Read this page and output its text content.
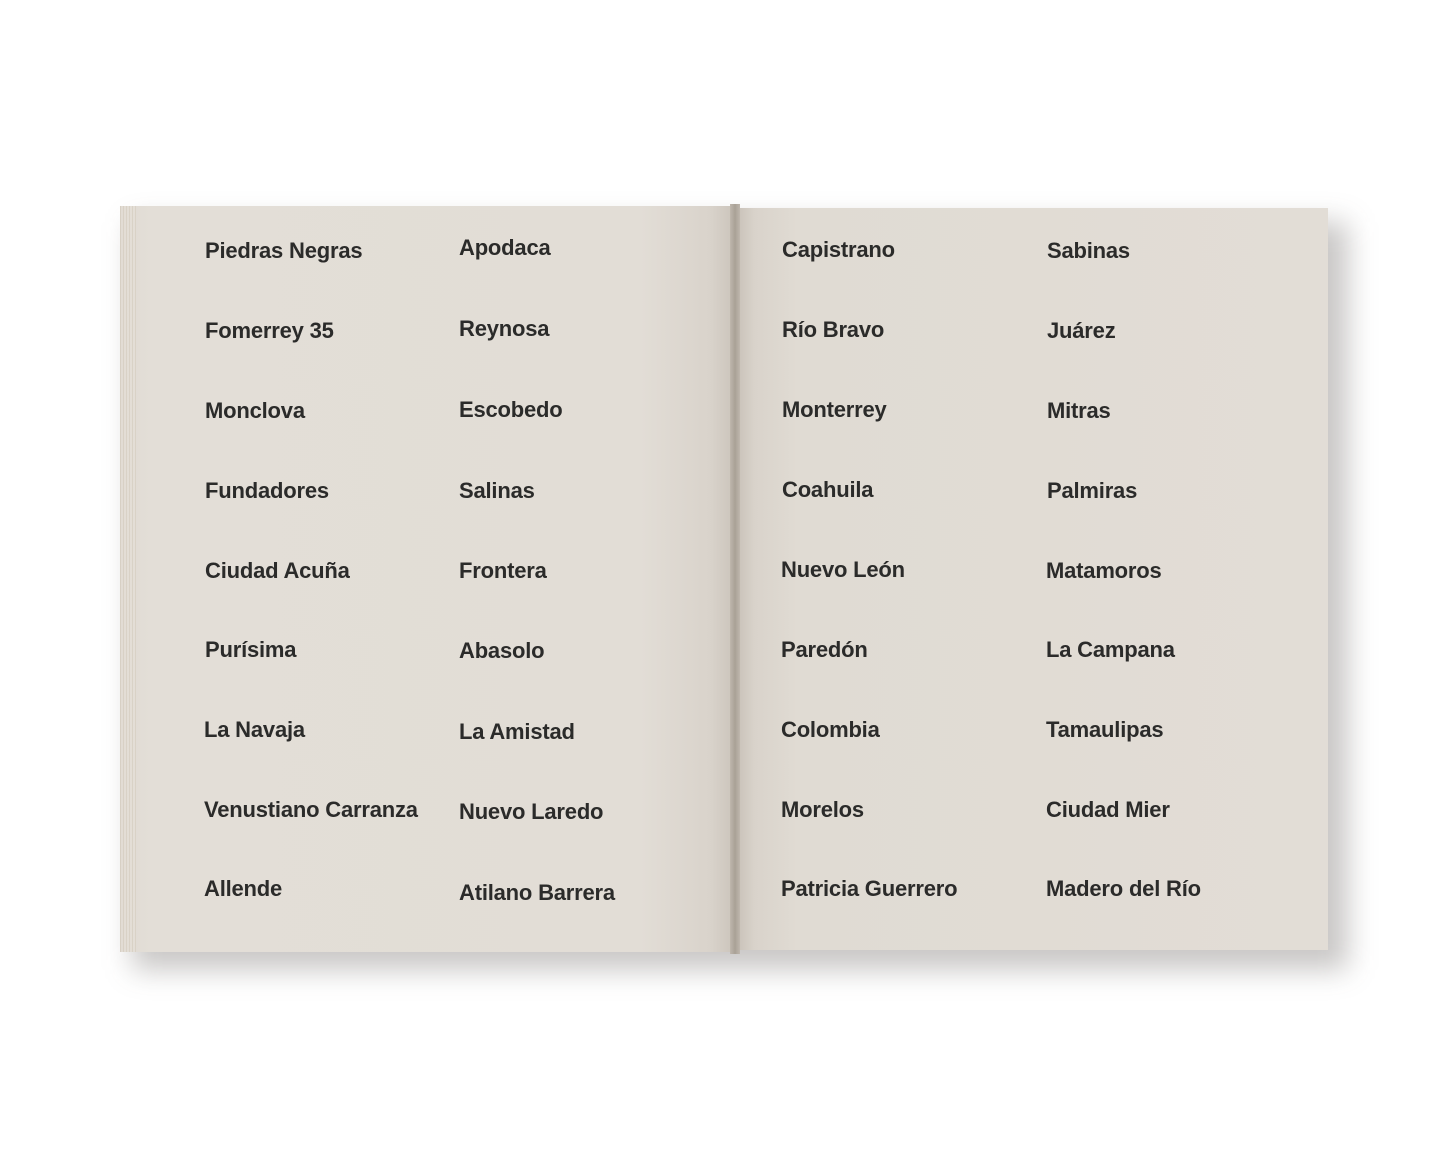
Piedras Negras
Fomerrey 35
Monclova
Fundadores
Ciudad Acuña
Purísima
La Navaja
Venustiano Carranza
Allende
Apodaca
Reynosa
Escobedo
Salinas
Frontera
Abasolo
La Amistad
Nuevo Laredo
Atilano Barrera
Capistrano
Río Bravo
Monterrey
Coahuila
Nuevo León
Paredón
Colombia
Morelos
Patricia Guerrero
Sabinas
Juárez
Mitras
Palmiras
Matamoros
La Campana
Tamaulipas
Ciudad Mier
Madero del Río
